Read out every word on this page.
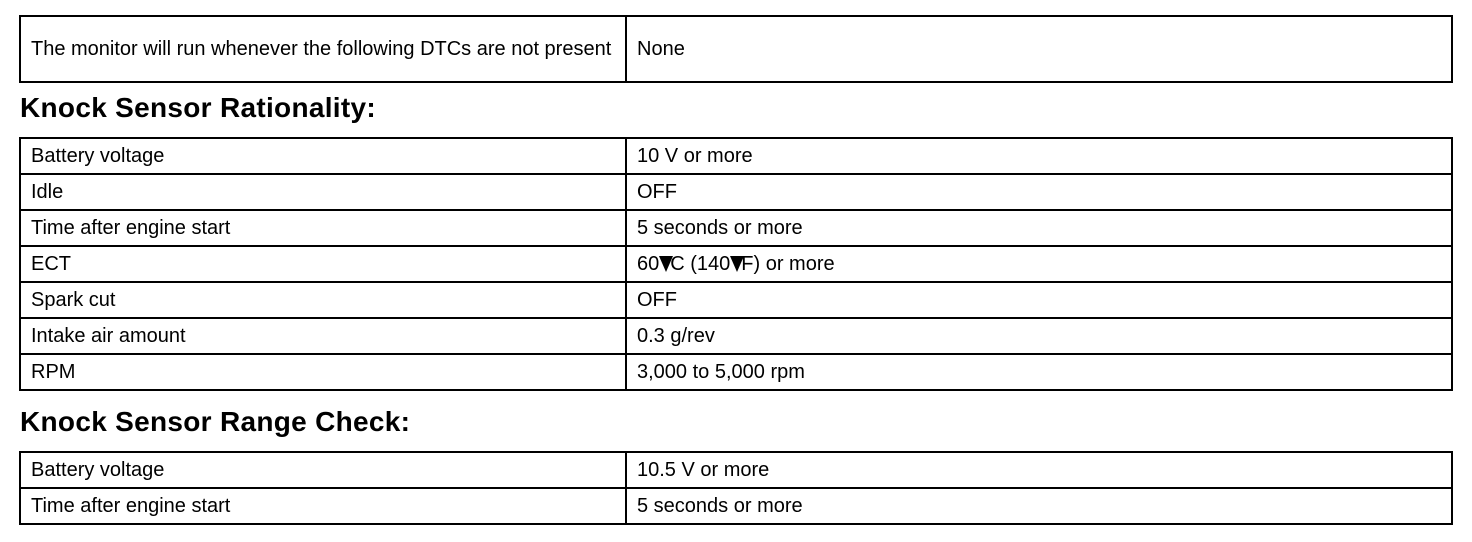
The monitor will run whenever the following DTCs are not present	None
Knock Sensor Rationality:
Battery voltage	10 V or more
Idle	OFF
Time after engine start	5 seconds or more
ECT	60 C (140 F) or more
Spark cut	OFF
Intake air amount	0.3 g/rev
RPM	3,000 to 5,000 rpm
Knock Sensor Range Check:
Battery voltage	10.5 V or more
Time after engine start	5 seconds or more
